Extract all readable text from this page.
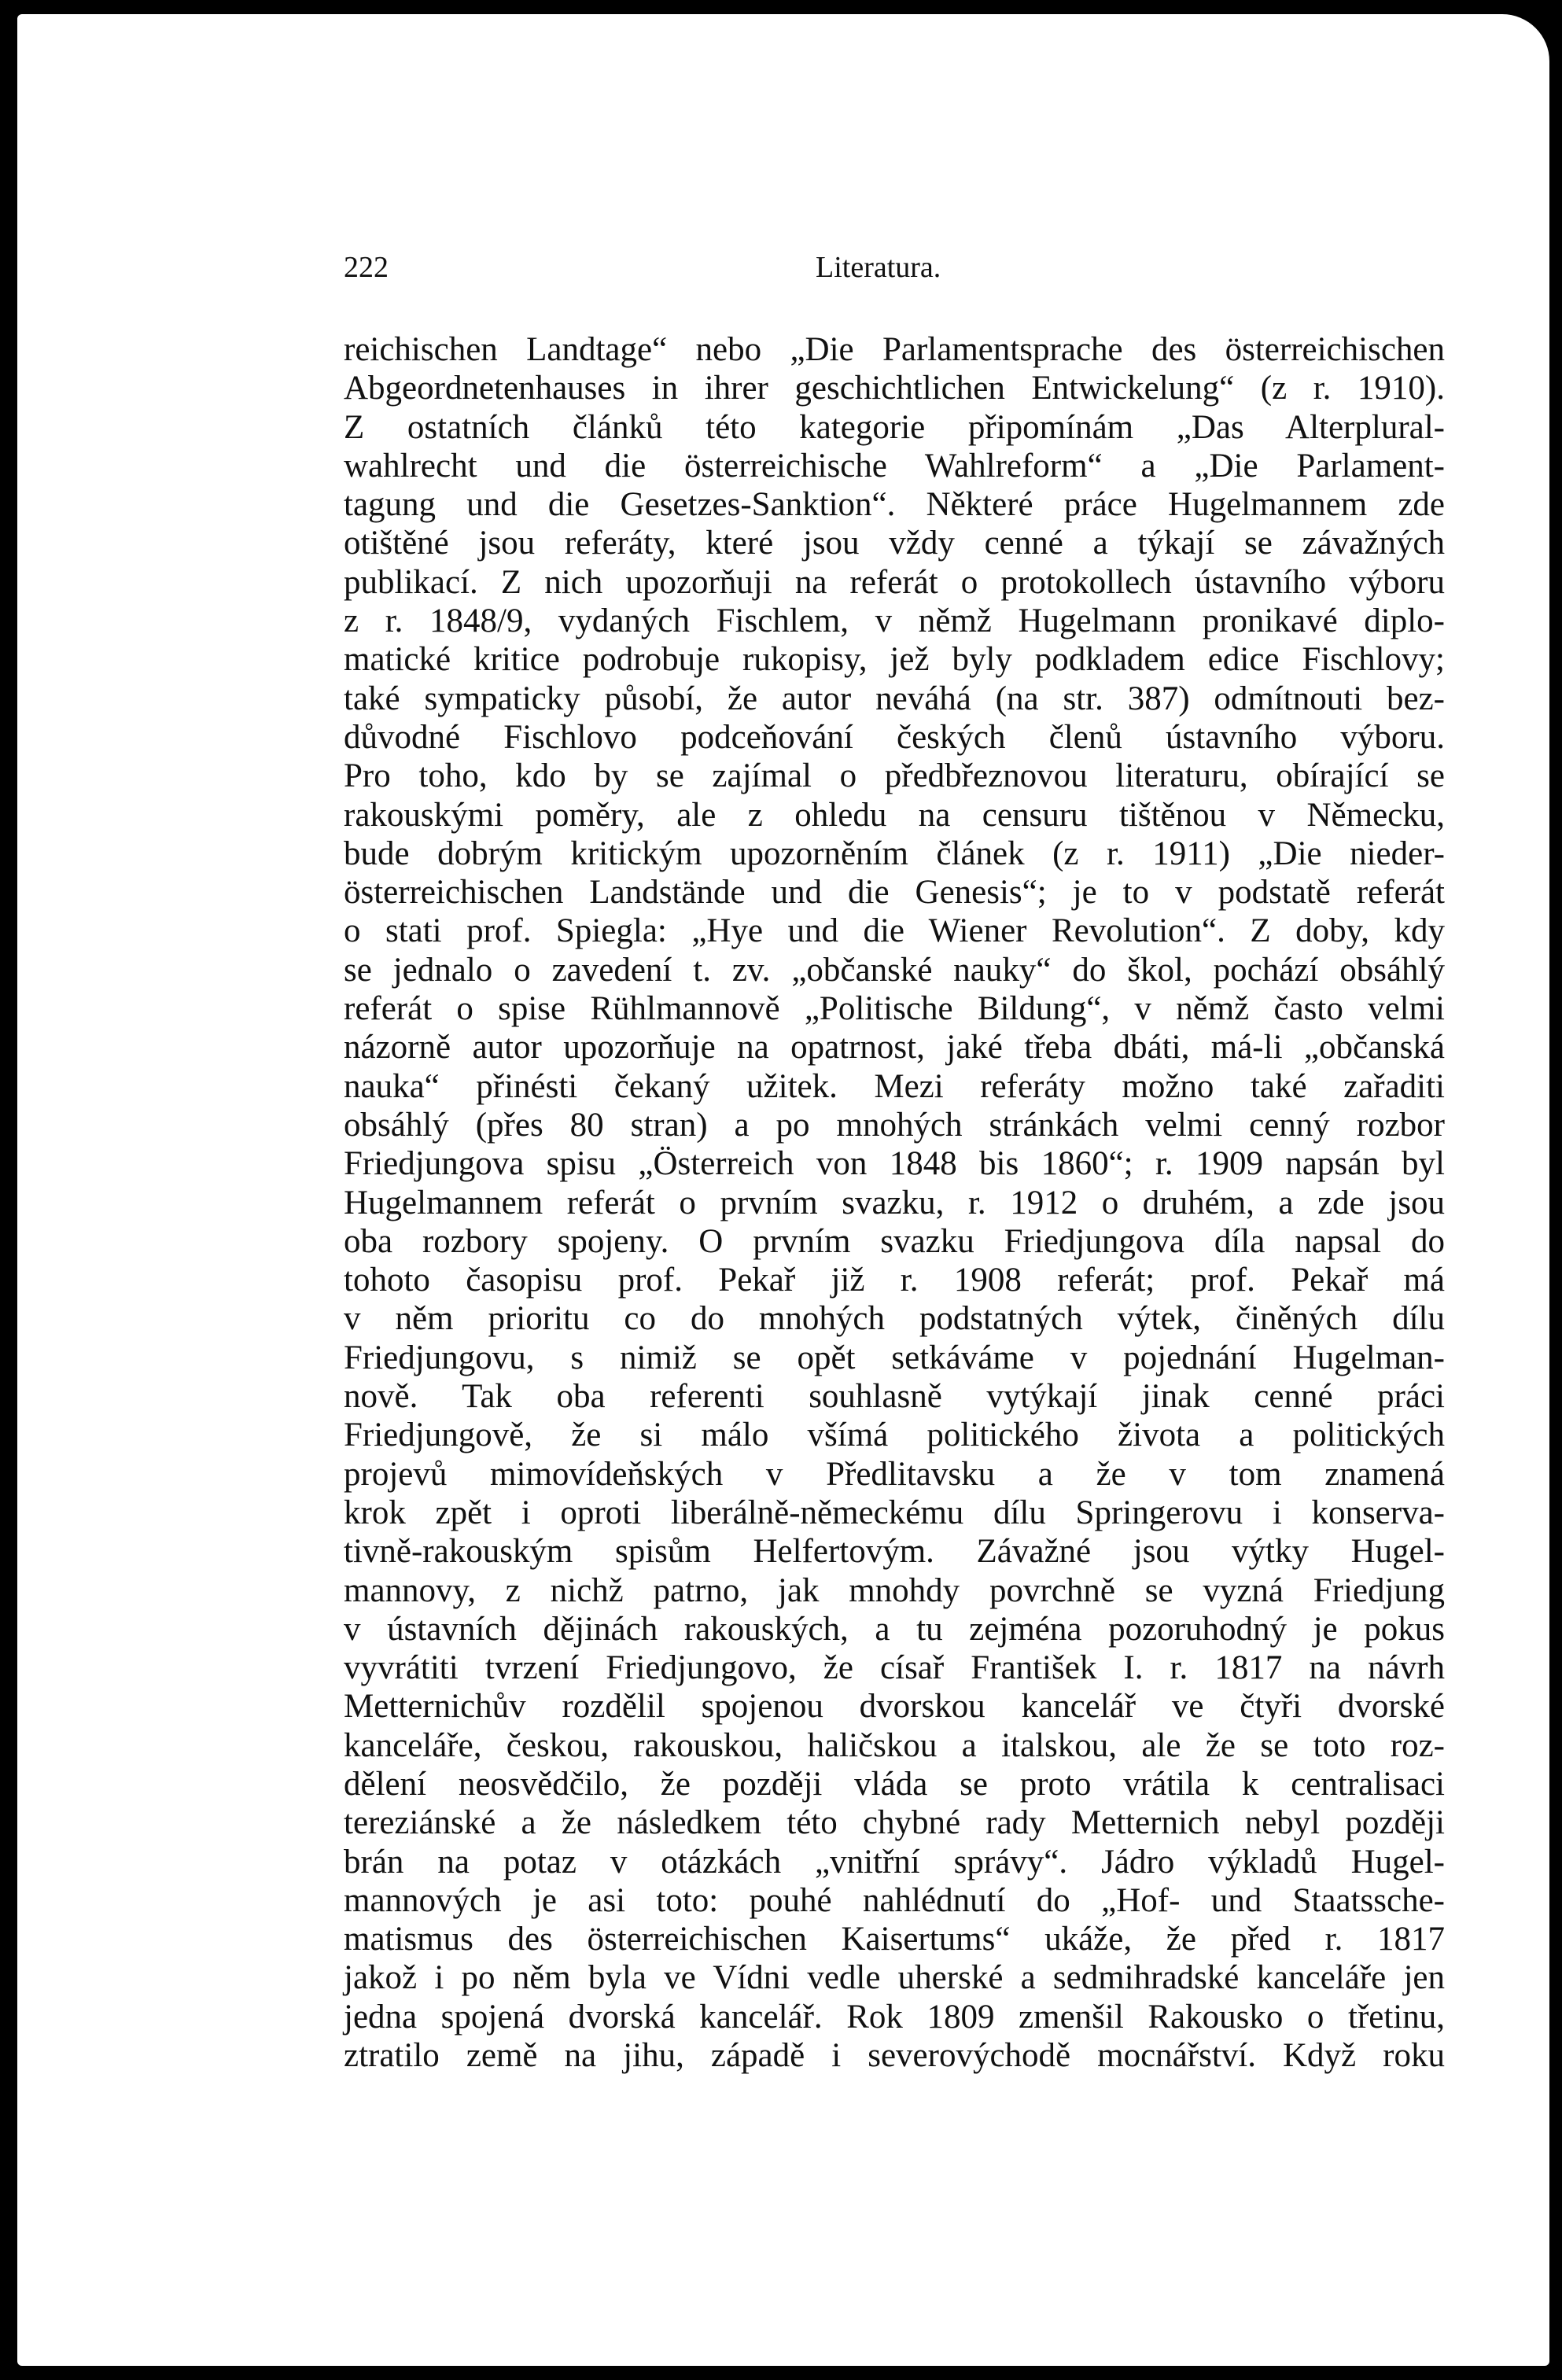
222	Literatura.
reichischen Landtage“ nebo „Die Parlamentsprache des österreichischen
Abgeordnetenhauses in ihrer geschichtlichen Entwickelung“ (z r. 1910).
Z ostatních článků této kategorie připomínám „Das Alterplural-
wahlrecht und die österreichische Wahlreform“ a „Die Parlament-
tagung und die Gesetzes-Sanktion“. Některé práce Hugelmannem zde
otištěné jsou referáty, které jsou vždy cenné a týkají se závažných
publikací. Z nich upozorňuji na referát o protokollech ústavního výboru
z r. 1848/9, vydaných Fischlem, v němž Hugelmann pronikavé diplo-
matické kritice podrobuje rukopisy, jež byly podkladem edice Fischlovy;
také sympaticky působí, že autor neváhá (na str. 387) odmítnouti bez-
důvodné Fischlovo podceňování českých členů ústavního výboru.
Pro toho, kdo by se zajímal o předbřeznovou literaturu, obírající se
rakouskými poměry, ale z ohledu na censuru tištěnou v Německu,
bude dobrým kritickým upozorněním článek (z r. 1911) „Die nieder-
österreichischen Landstände und die Genesis“; je to v podstatě referát
o stati prof. Spiegla: „Hye und die Wiener Revolution“. Z doby, kdy
se jednalo o zavedení t. zv. „občanské nauky“ do škol, pochází obsáhlý
referát o spise Rühlmannově „Politische Bildung“, v němž často velmi
názorně autor upozorňuje na opatrnost, jaké třeba dbáti, má-li „občanská
nauka“ přinésti čekaný užitek. Mezi referáty možno také zařaditi
obsáhlý (přes 80 stran) a po mnohých stránkách velmi cenný rozbor
Friedjungova spisu „Österreich von 1848 bis 1860“; r. 1909 napsán byl
Hugelmannem referát o prvním svazku, r. 1912 o druhém, a zde jsou
oba rozbory spojeny. O prvním svazku Friedjungova díla napsal do
tohoto časopisu prof. Pekař již r. 1908 referát; prof. Pekař má
v něm prioritu co do mnohých podstatných výtek, činěných dílu
Friedjungovu, s nimiž se opět setkáváme v pojednání Hugelman-
nově. Tak oba referenti souhlasně vytýkají jinak cenné práci
Friedjungově, že si málo všímá politického života a politických
projevů mimovídeňských v Předlitavsku a že v tom znamená
krok zpět i oproti liberálně-německému dílu Springerovu i konserva-
tivně-rakouským spisům Helfertovým. Závažné jsou výtky Hugel-
mannovy, z nichž patrno, jak mnohdy povrchně se vyzná Friedjung
v ústavních dějinách rakouských, a tu zejména pozoruhodný je pokus
vyvrátiti tvrzení Friedjungovo, že císař František I. r. 1817 na návrh
Metternichův rozdělil spojenou dvorskou kancelář ve čtyři dvorské
kanceláře, českou, rakouskou, haličskou a italskou, ale že se toto roz-
dělení neosvědčilo, že později vláda se proto vrátila k centralisaci
tereziánské a že následkem této chybné rady Metternich nebyl později
brán na potaz v otázkách „vnitřní správy“. Jádro výkladů Hugel-
mannových je asi toto: pouhé nahlédnutí do „Hof- und Staatssche-
matismus des österreichischen Kaisertums“ ukáže, že před r. 1817
jakož i po něm byla ve Vídni vedle uherské a sedmihradské kanceláře jen
jedna spojená dvorská kancelář. Rok 1809 zmenšil Rakousko o třetinu,
ztratilo země na jihu, západě i severovýchodě mocnářství. Když roku
